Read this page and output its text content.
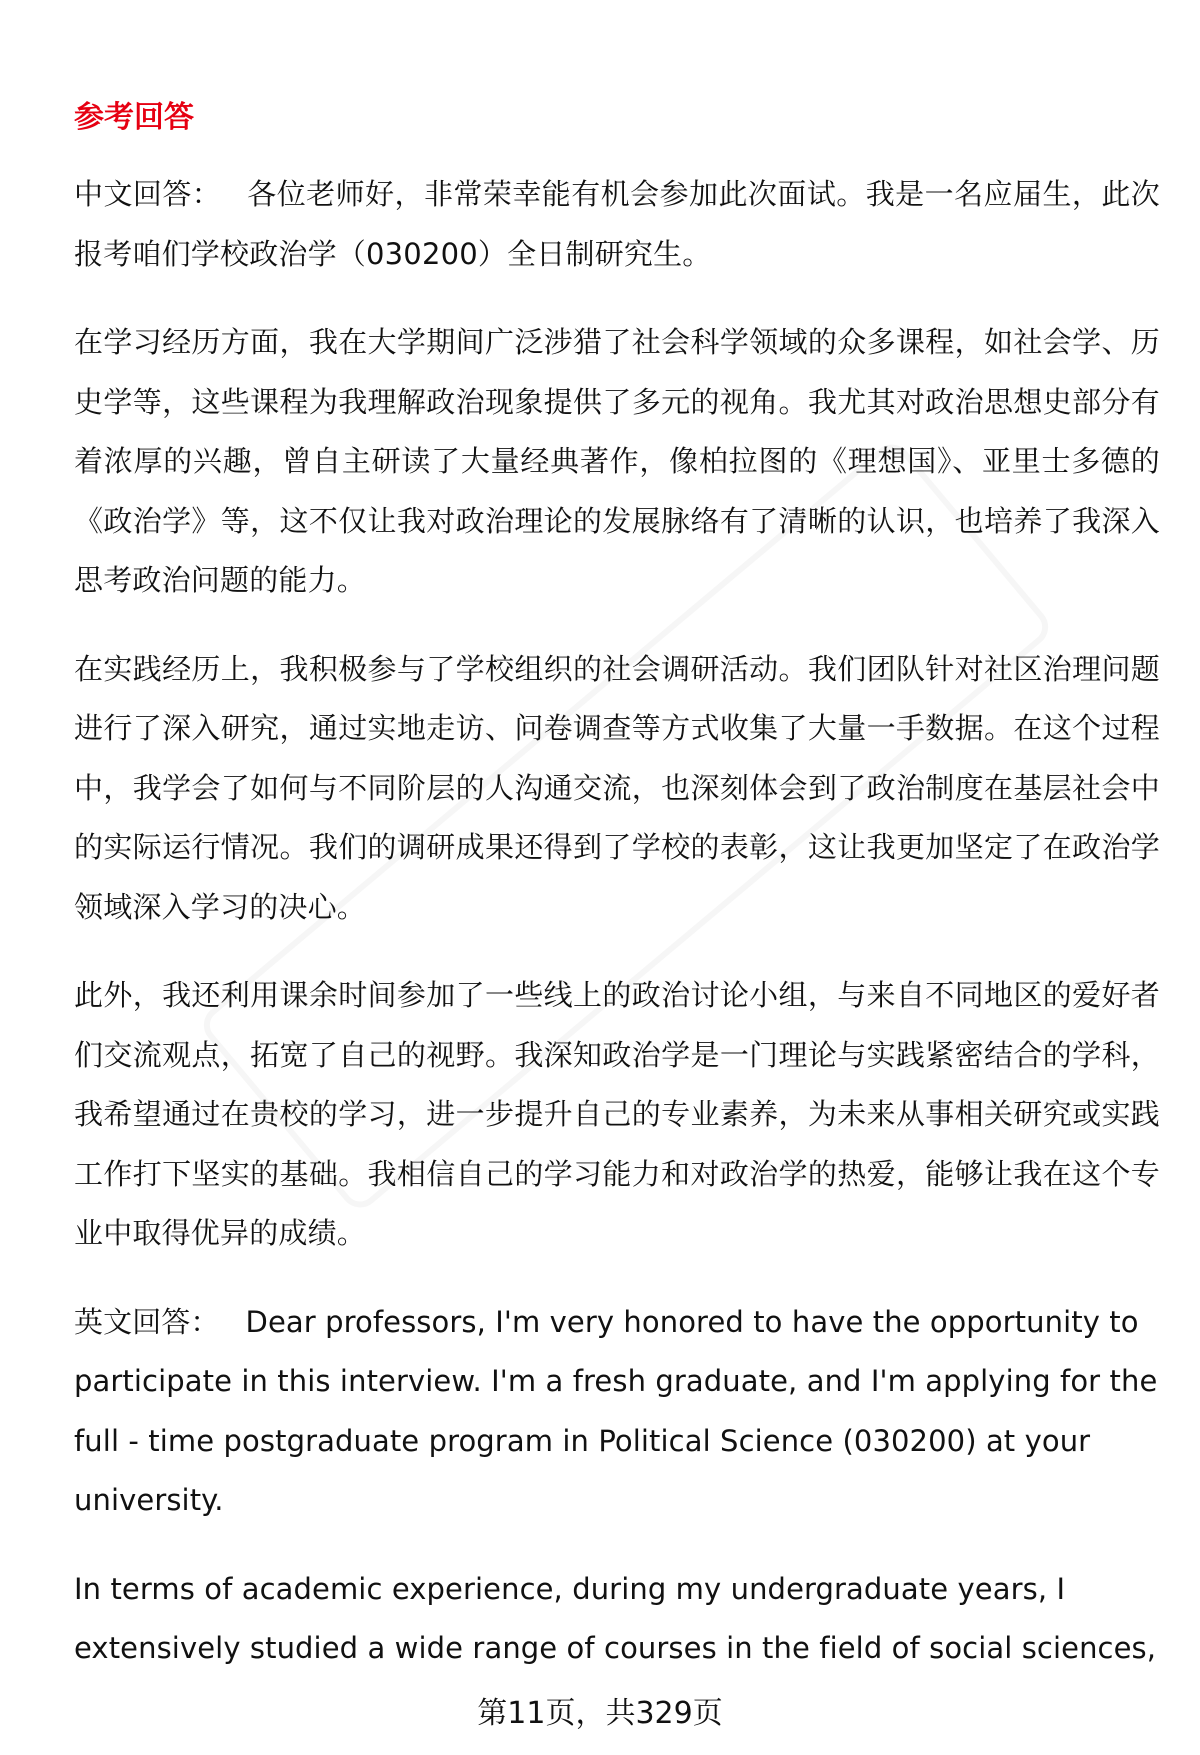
参考回答

中文回答： 各位老师好，非常荣幸能有机会参加此次面试。我是一名应届生，此次报考咱们学校政治学（030200）全日制研究生。

在学习经历方面，我在大学期间广泛涉猎了社会科学领域的众多课程，如社会学、历史学等，这些课程为我理解政治现象提供了多元的视角。我尤其对政治思想史部分有着浓厚的兴趣，曾自主研读了大量经典著作，像柏拉图的《理想国》、亚里士多德的《政治学》等，这不仅让我对政治理论的发展脉络有了清晰的认识，也培养了我深入思考政治问题的能力。

在实践经历上，我积极参与了学校组织的社会调研活动。我们团队针对社区治理问题进行了深入研究，通过实地走访、问卷调查等方式收集了大量一手数据。在这个过程中，我学会了如何与不同阶层的人沟通交流，也深刻体会到了政治制度在基层社会中的实际运行情况。我们的调研成果还得到了学校的表彰，这让我更加坚定了在政治学领域深入学习的决心。

此外，我还利用课余时间参加了一些线上的政治讨论小组，与来自不同地区的爱好者们交流观点，拓宽了自己的视野。我深知政治学是一门理论与实践紧密结合的学科，我希望通过在贵校的学习，进一步提升自己的专业素养，为未来从事相关研究或实践工作打下坚实的基础。我相信自己的学习能力和对政治学的热爱，能够让我在这个专业中取得优异的成绩。

英文回答： Dear professors, I'm very honored to have the opportunity to participate in this interview. I'm a fresh graduate, and I'm applying for the full - time postgraduate program in Political Science (030200) at your university.

In terms of academic experience, during my undergraduate years, I extensively studied a wide range of courses in the field of social sciences,

第11页，共329页
